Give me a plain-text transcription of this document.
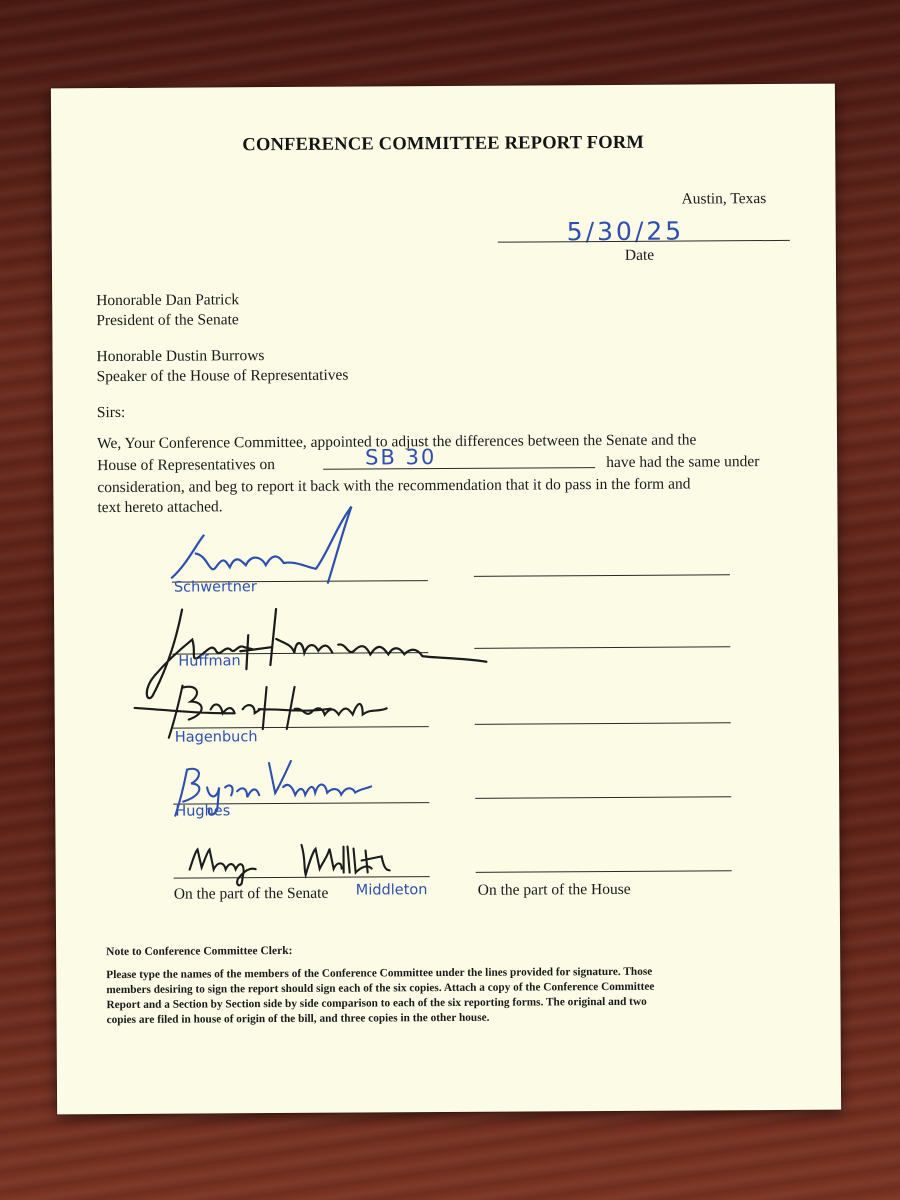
CONFERENCE COMMITTEE REPORT FORM
Austin, Texas
5/30/25
Date
Honorable Dan Patrick
President of the Senate
Honorable Dustin Burrows
Speaker of the House of Representatives
Sirs:
We, Your Conference Committee, appointed to adjust the differences between the Senate and the
House of Representatives on	SB 30	have had the same under
consideration, and beg to report it back with the recommendation that it do pass in the form and
text hereto attached.
Schwertner
Huffman
Hagenbuch
Hughes
On the part of the Senate Middleton	On the part of the House
Note to Conference Committee Clerk:
Please type the names of the members of the Conference Committee under the lines provided for signature. Those
members desiring to sign the report should sign each of the six copies. Attach a copy of the Conference Committee
Report and a Section by Section side by side comparison to each of the six reporting forms. The original and two
copies are filed in house of origin of the bill, and three copies in the other house.
